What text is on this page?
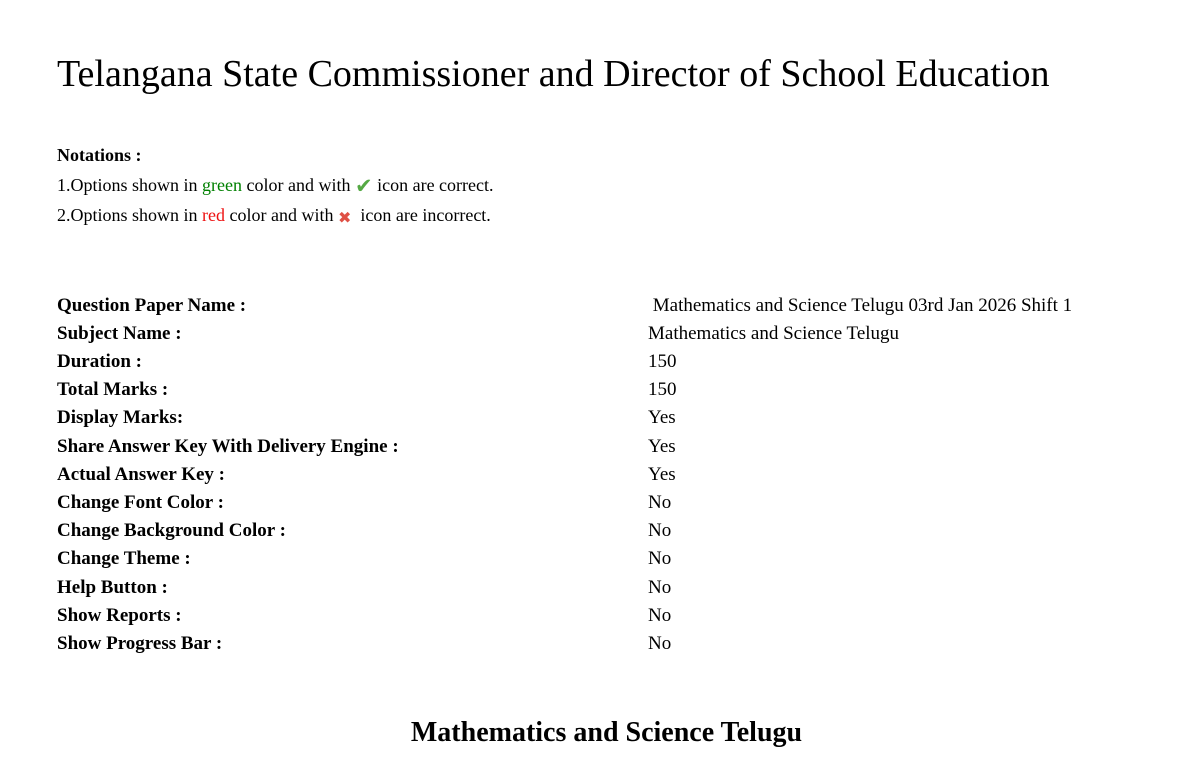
Telangana State Commissioner and Director of School Education
Notations :
1.Options shown in green color and with ✔ icon are correct.
2.Options shown in red color and with ✖  icon are incorrect.
Question Paper Name :	Mathematics and Science Telugu 03rd Jan 2026 Shift 1
Subject Name :	Mathematics and Science Telugu
Duration :	150
Total Marks :	150
Display Marks:	Yes
Share Answer Key With Delivery Engine :	Yes
Actual Answer Key :	Yes
Change Font Color :	No
Change Background Color :	No
Change Theme :	No
Help Button :	No
Show Reports :	No
Show Progress Bar :	No
Mathematics and Science Telugu
